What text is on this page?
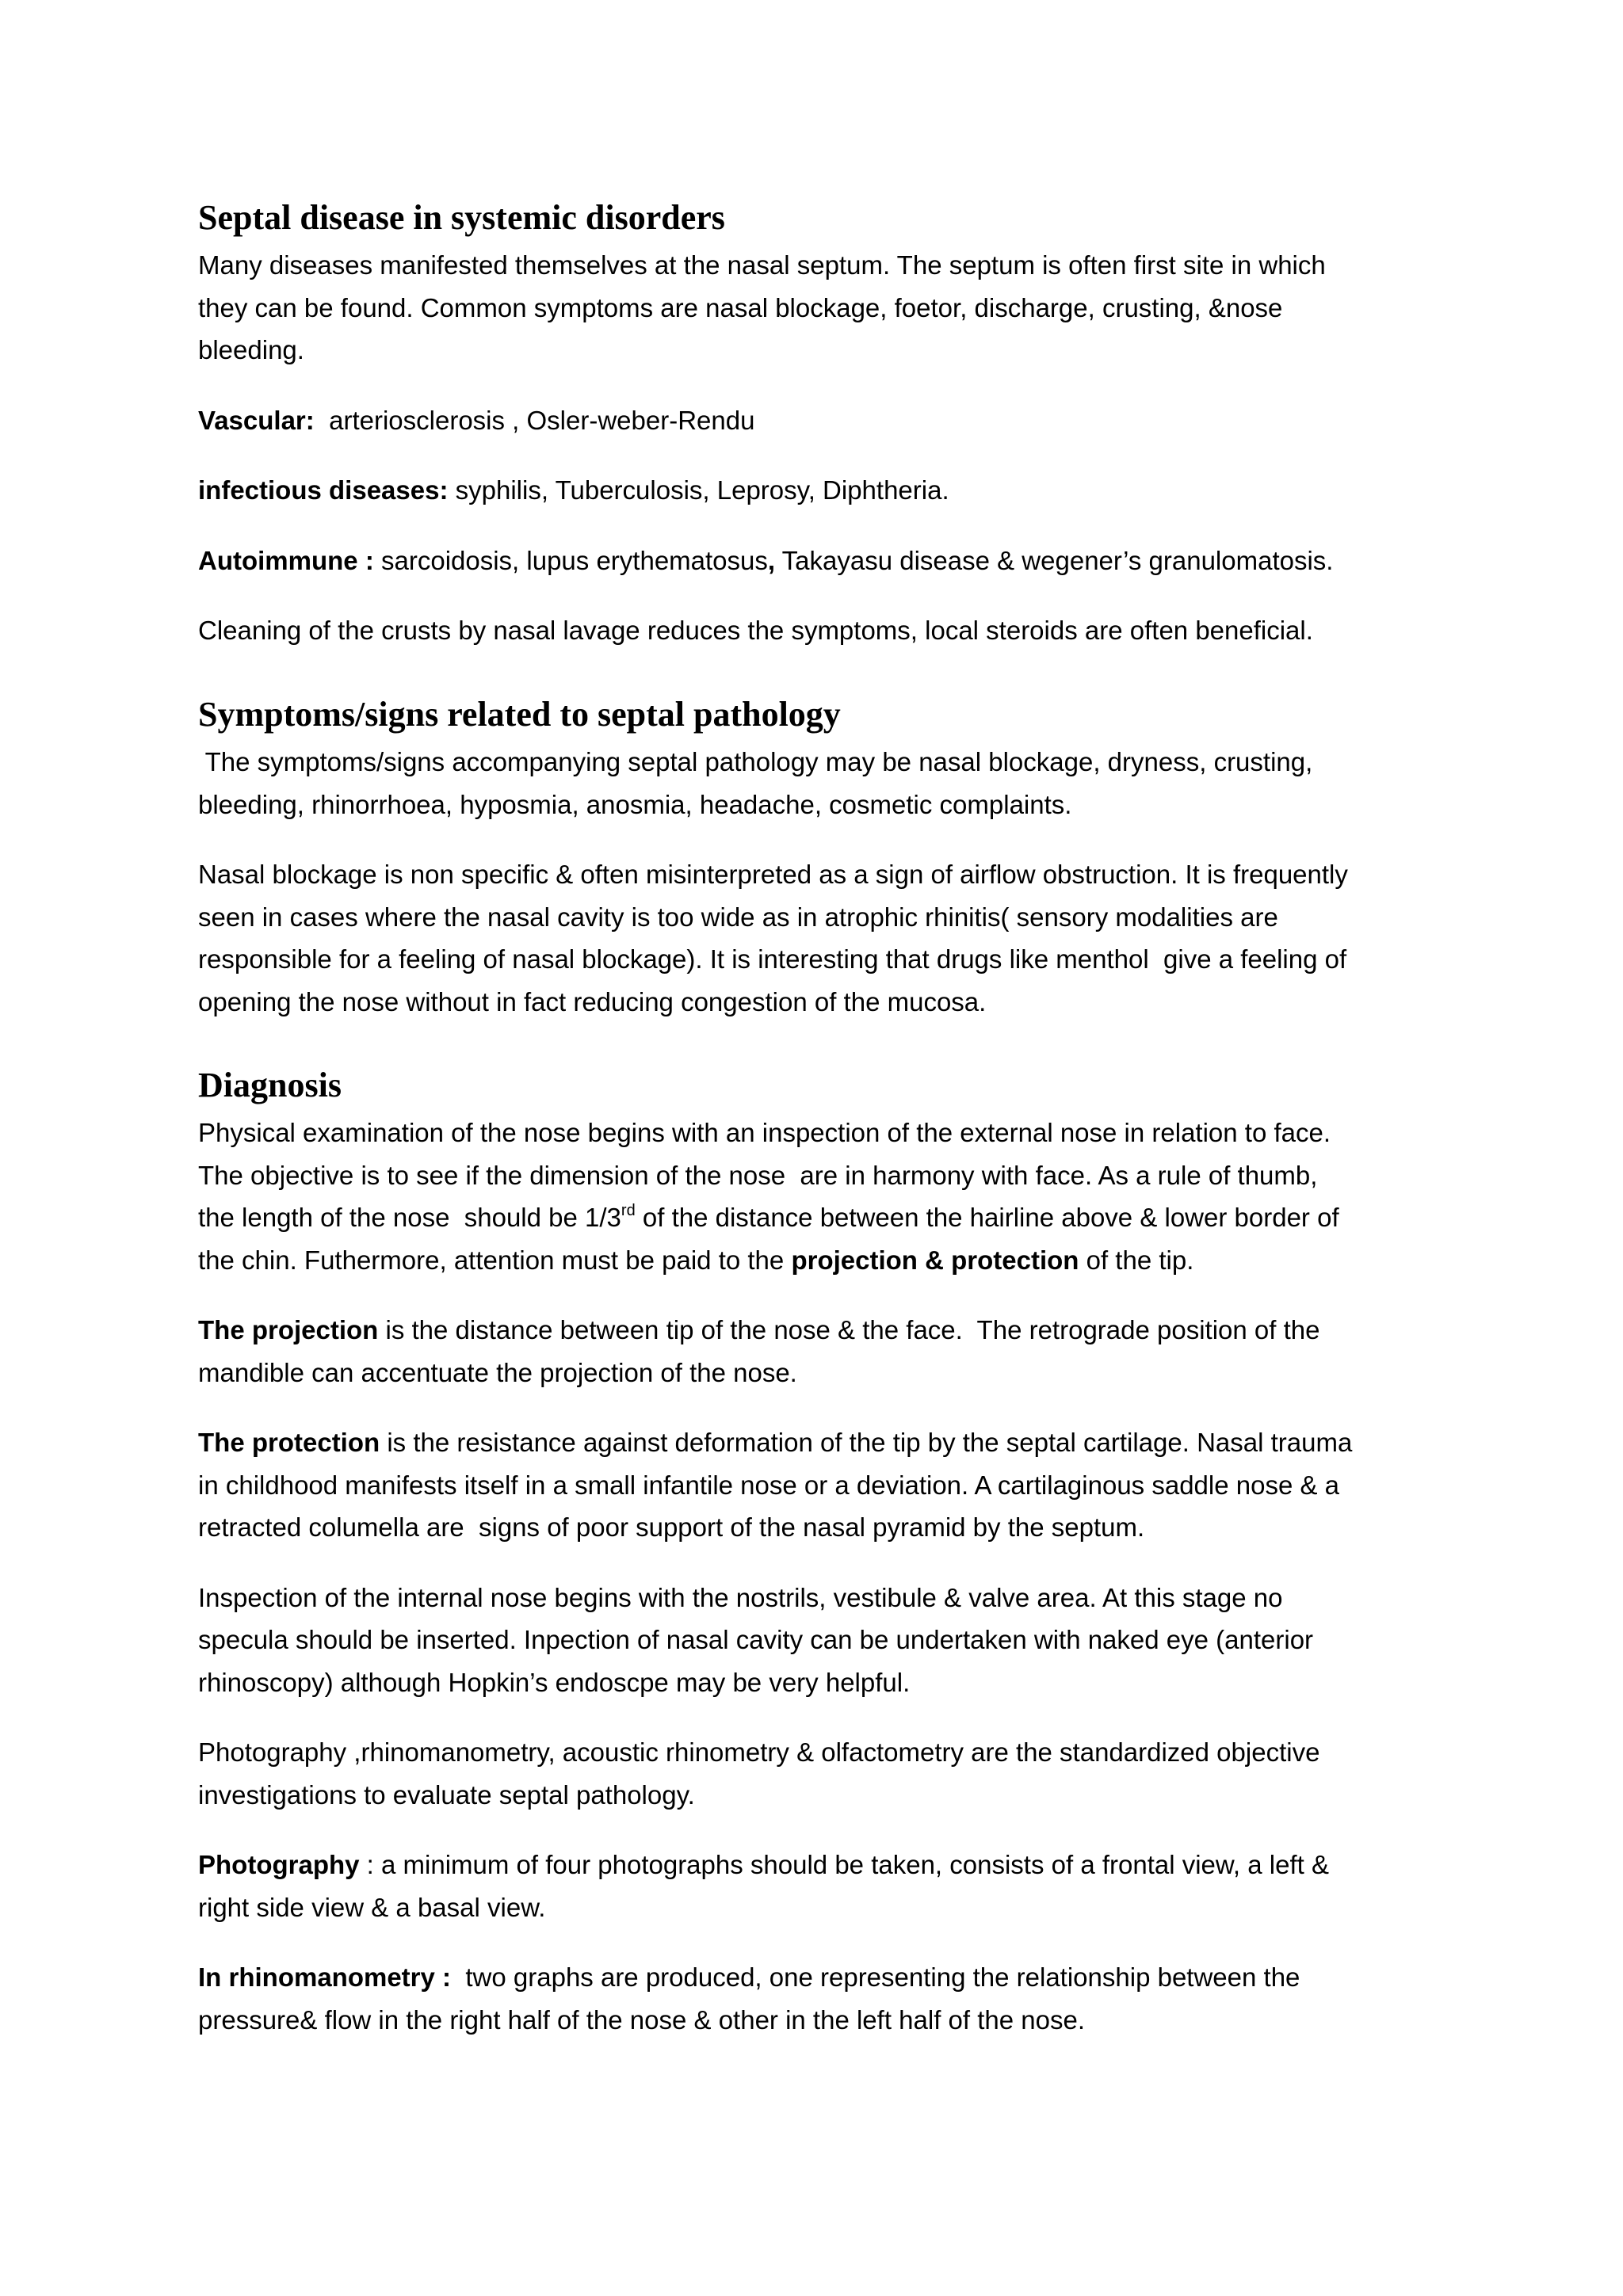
Septal disease in systemic disorders

Many diseases manifested themselves at the nasal septum. The septum is often first site in which

they can be found. Common symptoms are nasal blockage, foetor, discharge, crusting, &nose

bleeding.

Vascular:  arteriosclerosis , Osler-weber-Rendu

infectious diseases: syphilis, Tuberculosis, Leprosy, Diphtheria.

Autoimmune : sarcoidosis, lupus erythematosus, Takayasu disease & wegener’s granulomatosis.

Cleaning of the crusts by nasal lavage reduces the symptoms, local steroids are often beneficial.

Symptoms/signs related to septal pathology

The symptoms/signs accompanying septal pathology may be nasal blockage, dryness, crusting,

bleeding, rhinorrhoea, hyposmia, anosmia, headache, cosmetic complaints.

Nasal blockage is non specific & often misinterpreted as a sign of airflow obstruction. It is frequently

seen in cases where the nasal cavity is too wide as in atrophic rhinitis( sensory modalities are

responsible for a feeling of nasal blockage). It is interesting that drugs like menthol  give a feeling of

opening the nose without in fact reducing congestion of the mucosa.

Diagnosis

Physical examination of the nose begins with an inspection of the external nose in relation to face.

The objective is to see if the dimension of the nose  are in harmony with face. As a rule of thumb,

the length of the nose  should be 1/3rd of the distance between the hairline above & lower border of

the chin. Futhermore, attention must be paid to the projection & protection of the tip.

The projection is the distance between tip of the nose & the face.  The retrograde position of the

mandible can accentuate the projection of the nose.

The protection is the resistance against deformation of the tip by the septal cartilage. Nasal trauma

in childhood manifests itself in a small infantile nose or a deviation. A cartilaginous saddle nose & a

retracted columella are  signs of poor support of the nasal pyramid by the septum.

Inspection of the internal nose begins with the nostrils, vestibule & valve area. At this stage no

specula should be inserted. Inpection of nasal cavity can be undertaken with naked eye (anterior

rhinoscopy) although Hopkin’s endoscpe may be very helpful.

Photography ,rhinomanometry, acoustic rhinometry & olfactometry are the standardized objective

investigations to evaluate septal pathology.

Photography : a minimum of four photographs should be taken, consists of a frontal view, a left &

right side view & a basal view.

In rhinomanometry :  two graphs are produced, one representing the relationship between the

pressure& flow in the right half of the nose & other in the left half of the nose.
